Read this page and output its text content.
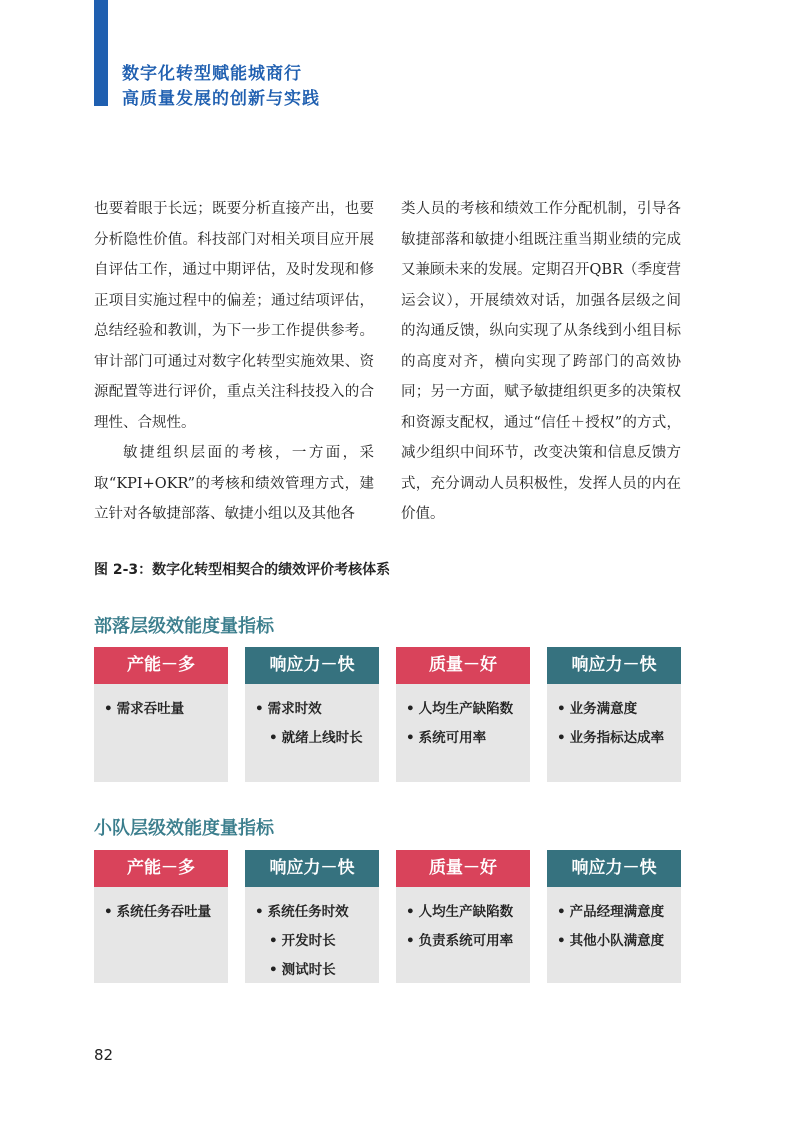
数字化转型赋能城商行
高质量发展的创新与实践

也要着眼于长远；既要分析直接产出，也要分析隐性价值。科技部门对相关项目应开展自评估工作，通过中期评估，及时发现和修正项目实施过程中的偏差；通过结项评估，总结经验和教训，为下一步工作提供参考。审计部门可通过对数字化转型实施效果、资源配置等进行评价，重点关注科技投入的合理性、合规性。

敏捷组织层面的考核，一方面，采取“KPI+OKR”的考核和绩效管理方式，建立针对各敏捷部落、敏捷小组以及其他各

类人员的考核和绩效工作分配机制，引导各敏捷部落和敏捷小组既注重当期业绩的完成又兼顾未来的发展。定期召开QBR（季度营运会议），开展绩效对话，加强各层级之间的沟通反馈，纵向实现了从条线到小组目标的高度对齐，横向实现了跨部门的高效协同；另一方面，赋予敏捷组织更多的决策权和资源支配权，通过“信任＋授权”的方式，减少组织中间环节，改变决策和信息反馈方式，充分调动人员积极性，发挥人员的内在价值。

图 2-3：数字化转型相契合的绩效评价考核体系
部落层级效能度量指标
产能－多
• 需求吞吐量
响应力－快
• 需求时效
• 就绪上线时长
质量－好
• 人均生产缺陷数
• 系统可用率
响应力－快
• 业务满意度
• 业务指标达成率
小队层级效能度量指标
产能－多
• 系统任务吞吐量
响应力－快
• 系统任务时效
• 开发时长
• 测试时长
质量－好
• 人均生产缺陷数
• 负责系统可用率
响应力－快
• 产品经理满意度
• 其他小队满意度
82
